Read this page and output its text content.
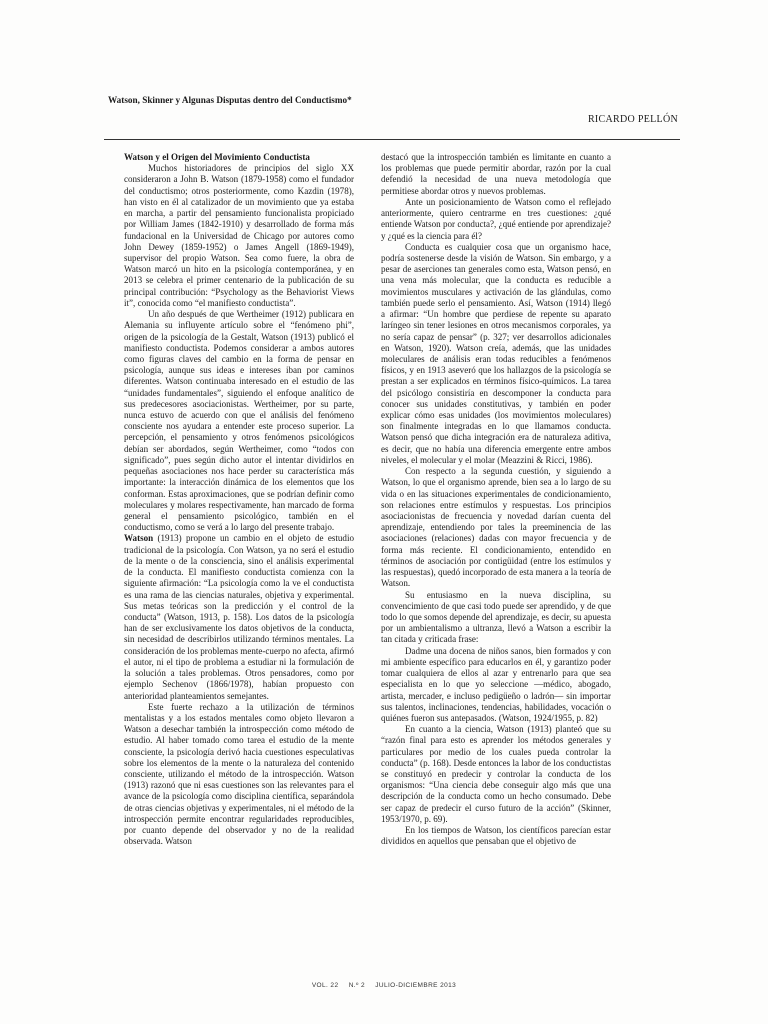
Watson, Skinner y Algunas Disputas dentro del Conductismo*
RICARDO PELLÓN
Watson y el Origen del Movimiento Conductista

Muchos historiadores de principios del siglo XX consideraron a John B. Watson (1879-1958) como el fundador del conductismo; otros posteriormente, como Kazdin (1978), han visto en él al catalizador de un movimiento que ya estaba en marcha, a partir del pensamiento funcionalista propiciado por William James (1842-1910) y desarrollado de forma más fundacional en la Universidad de Chicago por autores como John Dewey (1859-1952) o James Angell (1869-1949), supervisor del propio Watson. Sea como fuere, la obra de Watson marcó un hito en la psicología contemporánea, y en 2013 se celebra el primer centenario de la publicación de su principal contribución: “Psychology as the Behaviorist Views it”, conocida como “el manifiesto conductista”.

Un año después de que Wertheimer (1912) publicara en Alemania su influyente artículo sobre el “fenómeno phi”, origen de la psicología de la Gestalt, Watson (1913) publicó el manifiesto conductista. Podemos considerar a ambos autores como figuras claves del cambio en la forma de pensar en psicología, aunque sus ideas e intereses iban por caminos diferentes. Watson continuaba interesado en el estudio de las “unidades fundamentales”, siguiendo el enfoque analítico de sus predecesores asociacionistas. Wertheimer, por su parte, nunca estuvo de acuerdo con que el análisis del fenómeno consciente nos ayudara a entender este proceso superior. La percepción, el pensamiento y otros fenómenos psicológicos debían ser abordados, según Wertheimer, como “todos con significado”, pues según dicho autor el intentar dividirlos en pequeñas asociaciones nos hace perder su característica más importante: la interacción dinámica de los elementos que los conforman. Estas aproximaciones, que se podrían definir como moleculares y molares respectivamente, han marcado de forma general el pensamiento psicológico, también en el conductismo, como se verá a lo largo del presente trabajo.

Watson (1913) propone un cambio en el objeto de estudio tradicional de la psicología. Con Watson, ya no será el estudio de la mente o de la consciencia, sino el análisis experimental de la conducta. El manifiesto conductista comienza con la siguiente afirmación: “La psicología como la ve el conductista es una rama de las ciencias naturales, objetiva y experimental. Sus metas teóricas son la predicción y el control de la conducta” (Watson, 1913, p. 158). Los datos de la psicología han de ser exclusivamente los datos objetivos de la conducta, sin necesidad de describirlos utilizando términos mentales. La consideración de los problemas mente-cuerpo no afecta, afirmó el autor, ni el tipo de problema a estudiar ni la formulación de la solución a tales problemas. Otros pensadores, como por ejemplo Sechenov (1866/1978), habían propuesto con anterioridad planteamientos semejantes.

Este fuerte rechazo a la utilización de términos mentalistas y a los estados mentales como objeto llevaron a Watson a desechar también la introspección como método de estudio. Al haber tomado como tarea el estudio de la mente consciente, la psicología derivó hacia cuestiones especulativas sobre los elementos de la mente o la naturaleza del contenido consciente, utilizando el método de la introspección. Watson (1913) razonó que ni esas cuestiones son las relevantes para el avance de la psicología como disciplina científica, separándola de otras ciencias objetivas y experimentales, ni el método de la introspección permite encontrar regularidades reproducibles, por cuanto depende del observador y no de la realidad observada. Watson

destacó que la introspección también es limitante en cuanto a los problemas que puede permitir abordar, razón por la cual defendió la necesidad de una nueva metodología que permitiese abordar otros y nuevos problemas.

Ante un posicionamiento de Watson como el reflejado anteriormente, quiero centrarme en tres cuestiones: ¿qué entiende Watson por conducta?, ¿qué entiende por aprendizaje? y ¿qué es la ciencia para él?

Conducta es cualquier cosa que un organismo hace, podría sostenerse desde la visión de Watson. Sin embargo, y a pesar de aserciones tan generales como esta, Watson pensó, en una vena más molecular, que la conducta es reducible a movimientos musculares y activación de las glándulas, como también puede serlo el pensamiento. Así, Watson (1914) llegó a afirmar: “Un hombre que perdiese de repente su aparato laríngeo sin tener lesiones en otros mecanismos corporales, ya no sería capaz de pensar” (p. 327; ver desarrollos adicionales en Watson, 1920). Watson creía, además, que las unidades moleculares de análisis eran todas reducibles a fenómenos físicos, y en 1913 aseveró que los hallazgos de la psicología se prestan a ser explicados en términos físico-químicos. La tarea del psicólogo consistiría en descomponer la conducta para conocer sus unidades constitutivas, y también en poder explicar cómo esas unidades (los movimientos moleculares) son finalmente integradas en lo que llamamos conducta. Watson pensó que dicha integración era de naturaleza aditiva, es decir, que no había una diferencia emergente entre ambos niveles, el molecular y el molar (Meazzini & Ricci, 1986).

Con respecto a la segunda cuestión, y siguiendo a Watson, lo que el organismo aprende, bien sea a lo largo de su vida o en las situaciones experimentales de condicionamiento, son relaciones entre estímulos y respuestas. Los principios asociacionistas de frecuencia y novedad darían cuenta del aprendizaje, entendiendo por tales la preeminencia de las asociaciones (relaciones) dadas con mayor frecuencia y de forma más reciente. El condicionamiento, entendido en términos de asociación por contigüidad (entre los estímulos y las respuestas), quedó incorporado de esta manera a la teoría de Watson.

Su entusiasmo en la nueva disciplina, su convencimiento de que casi todo puede ser aprendido, y de que todo lo que somos depende del aprendizaje, es decir, su apuesta por un ambientalismo a ultranza, llevó a Watson a escribir la tan citada y criticada frase:

Dadme una docena de niños sanos, bien formados y con mi ambiente específico para educarlos en él, y garantizo poder tomar cualquiera de ellos al azar y entrenarlo para que sea especialista en lo que yo seleccione —médico, abogado, artista, mercader, e incluso pedigüeño o ladrón— sin importar sus talentos, inclinaciones, tendencias, habilidades, vocación o quiénes fueron sus antepasados. (Watson, 1924/1955, p. 82)

En cuanto a la ciencia, Watson (1913) planteó que su “razón final para esto es aprender los métodos generales y particulares por medio de los cuales pueda controlar la conducta” (p. 168). Desde entonces la labor de los conductistas se constituyó en predecir y controlar la conducta de los organismos: “Una ciencia debe conseguir algo más que una descripción de la conducta como un hecho consumado. Debe ser capaz de predecir el curso futuro de la acción” (Skinner, 1953/1970, p. 69).

En los tiempos de Watson, los científicos parecían estar divididos en aquellos que pensaban que el objetivo de

VOL. 22 N.º 2 JULIO-DICIEMBRE 2013
